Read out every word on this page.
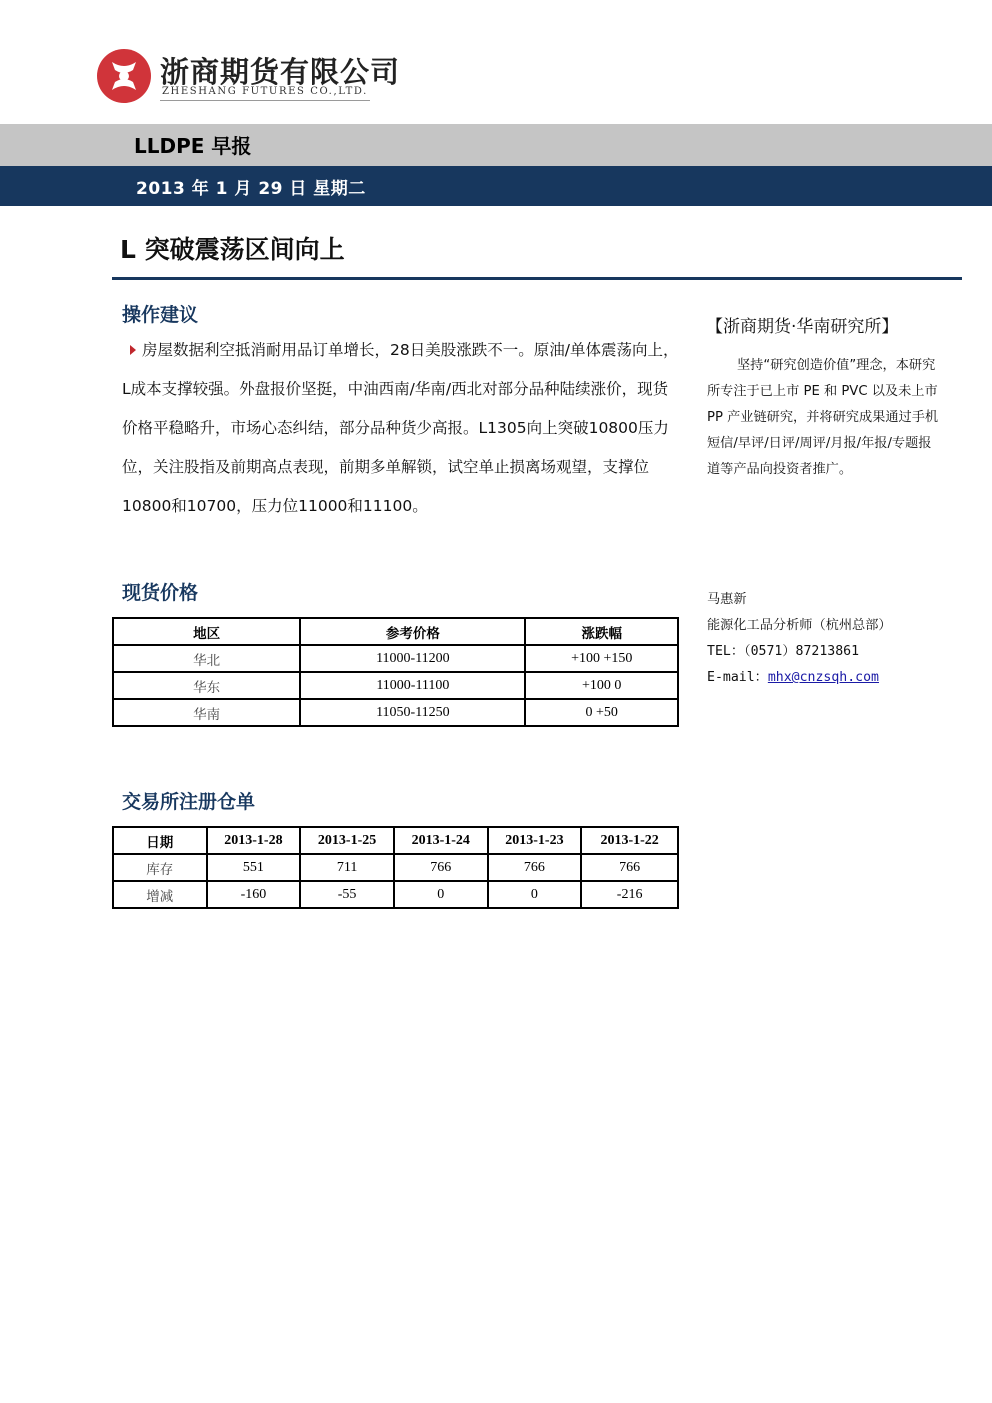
浙商期货有限公司
ZHESHANG FUTURES CO.,LTD.
LLDPE 早报
2013 年 1 月 29 日 星期二
L 突破震荡区间向上
操作建议
房屋数据利空抵消耐用品订单增长，28日美股涨跌不一。原油/单体震荡向上，L成本支撑较强。外盘报价坚挺，中油西南/华南/西北对部分品种陆续涨价，现货价格平稳略升，市场心态纠结，部分品种货少高报。L1305向上突破10800压力位，关注股指及前期高点表现，前期多单解锁，试空单止损离场观望，支撑位10800和10700，压力位11000和11100。
现货价格
地区	参考价格	涨跌幅
华北	11000-11200	+100 +150
华东	11000-11100	+100 0
华南	11050-11250	0 +50
交易所注册仓单
日期	2013-1-28	2013-1-25	2013-1-24	2013-1-23	2013-1-22
库存	551	711	766	766	766
增减	-160	-55	0	0	-216
【浙商期货·华南研究所】
坚持“研究创造价值”理念，本研究所专注于已上市 PE 和 PVC 以及未上市 PP 产业链研究，并将研究成果通过手机短信/早评/日评/周评/月报/年报/专题报道等产品向投资者推广。
马惠新
能源化工品分析师（杭州总部）
TEL：（0571）87213861
E-mail：mhx@cnzsqh.com
